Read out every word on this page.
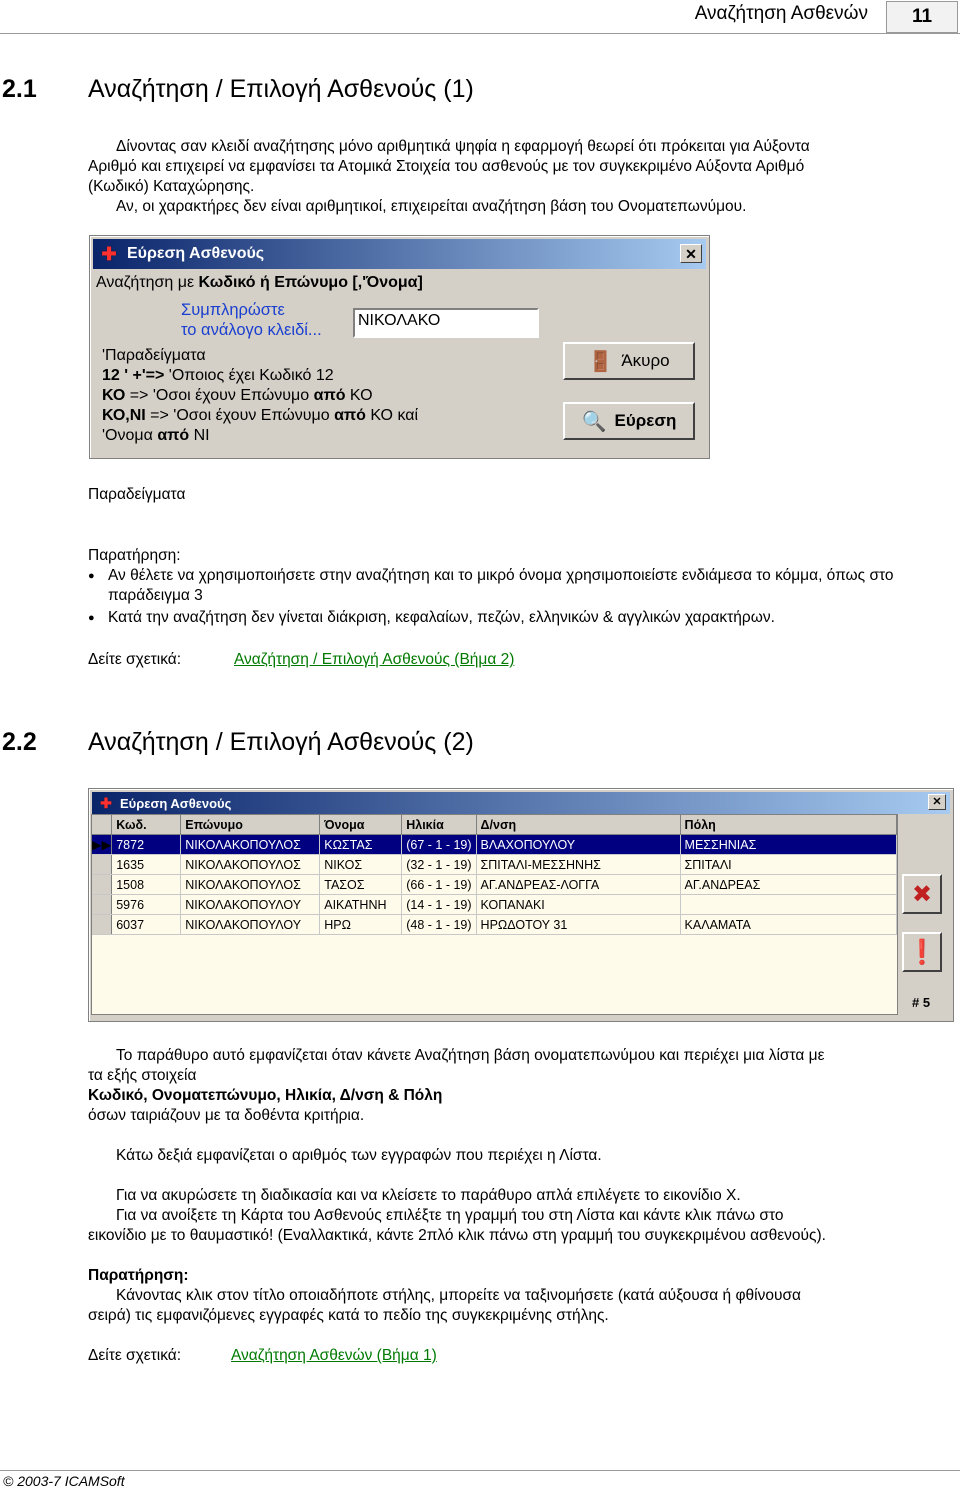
Αναζήτηση Ασθενών	11
2.1 Αναζήτηση / Επιλογή Ασθενούς (1)
Δίνοντας σαν κλειδί αναζήτησης μόνο αριθμητικά ψηφία η εφαρμογή θεωρεί ότι πρόκειται για Αύξοντα
Αριθμό και επιχειρεί να εμφανίσει τα Ατομικά Στοιχεία του ασθενούς με τον συγκεκριμένο Αύξοντα Αριθμό
(Κωδικό) Καταχώρησης.
Αν, οι χαρακτήρες δεν είναι αριθμητικοί, επιχειρείται αναζήτηση βάση του Ονοματεπωνύμου.
✚ Εύρεση Ασθενούς	✕
Αναζήτηση με Κωδικό ή Επώνυμο [,'Όνομα]
Συμπληρώστε
το ανάλογο κλειδί...
ΝΙΚΟΛΑΚΟ
'Παραδείγματα
12 ' +'=> 'Οποιος έχει Κωδικό 12
ΚΟ => 'Οσοι έχουν Επώνυμο από ΚΟ
ΚΟ,ΝΙ => 'Οσοι έχουν Επώνυμο από ΚΟ καί
'Ονομα από ΝΙ
🚪 Άκυρο
🔍 Εύρεση
Παραδείγματα
Παρατήρηση:
● Αν θέλετε να χρησιμοποιήσετε στην αναζήτηση και το μικρό όνομα χρησιμοποιείστε ενδιάμεσα το κόμμα, όπως στο παράδειγμα 3
● Κατά την αναζήτηση δεν γίνεται διάκριση, κεφαλαίων, πεζών, ελληνικών & αγγλικών χαρακτήρων.
Δείτε σχετικά:	Αναζήτηση / Επιλογή Ασθενούς (Βήμα 2)
2.2 Αναζήτηση / Επιλογή Ασθενούς (2)
✚ Εύρεση Ασθενούς	✕
	Κωδ.	Επώνυμο	Όνομα	Ηλικία	Δ/νση	Πόλη
▶▶	7872	ΝΙΚΟΛΑΚΟΠΟΥΛΟΣ	ΚΩΣΤΑΣ	(67 - 1 - 19)	ΒΛΑΧΟΠΟΥΛΟΥ	ΜΕΣΣΗΝΙΑΣ
	1635	ΝΙΚΟΛΑΚΟΠΟΥΛΟΣ	ΝΙΚΟΣ	(32 - 1 - 19)	ΣΠΙΤΑΛΙ-ΜΕΣΣΗΝΗΣ	ΣΠΙΤΑΛΙ
	1508	ΝΙΚΟΛΑΚΟΠΟΥΛΟΣ	ΤΑΣΟΣ	(66 - 1 - 19)	ΑΓ.ΑΝΔΡΕΑΣ-ΛΟΓΓΑ	ΑΓ.ΑΝΔΡΕΑΣ
	5976	ΝΙΚΟΛΑΚΟΠΟΥΛΟΥ	ΑΙΚΑΤΗΝΗ	(14 - 1 - 19)	ΚΟΠΑΝΑΚΙ	
	6037	ΝΙΚΟΛΑΚΟΠΟΥΛΟΥ	ΗΡΩ	(48 - 1 - 19)	ΗΡΩΔΟΤΟΥ 31	ΚΑΛΑΜΑΤΑ
✖
❗
# 5
Το παράθυρο αυτό εμφανίζεται όταν κάνετε Αναζήτηση βάση ονοματεπωνύμου και περιέχει μια λίστα με
τα εξής στοιχεία
Κωδικό, Ονοματεπώνυμο, Ηλικία, Δ/νση & Πόλη
όσων ταιριάζουν με τα δοθέντα κριτήρια.
Κάτω δεξιά εμφανίζεται ο αριθμός των εγγραφών που περιέχει η Λίστα.
Για να ακυρώσετε τη διαδικασία και να κλείσετε το παράθυρο απλά επιλέγετε το εικονίδιο Χ.
Για να ανοίξετε τη Κάρτα του Ασθενούς επιλέξτε τη γραμμή του στη Λίστα και κάντε κλικ πάνω στο
εικονίδιο με το θαυμαστικό! (Εναλλακτικά, κάντε 2πλό κλικ πάνω στη γραμμή του συγκεκριμένου ασθενούς).
Παρατήρηση:
Κάνοντας κλικ στον τίτλο οποιαδήποτε στήλης, μπορείτε να ταξινομήσετε (κατά αύξουσα ή φθίνουσα
σειρά) τις εμφανιζόμενες εγγραφές κατά το πεδίο της συγκεκριμένης στήλης.
Δείτε σχετικά:	Αναζήτηση Ασθενών (Βήμα 1)
© 2003-7 ICAMSoft
